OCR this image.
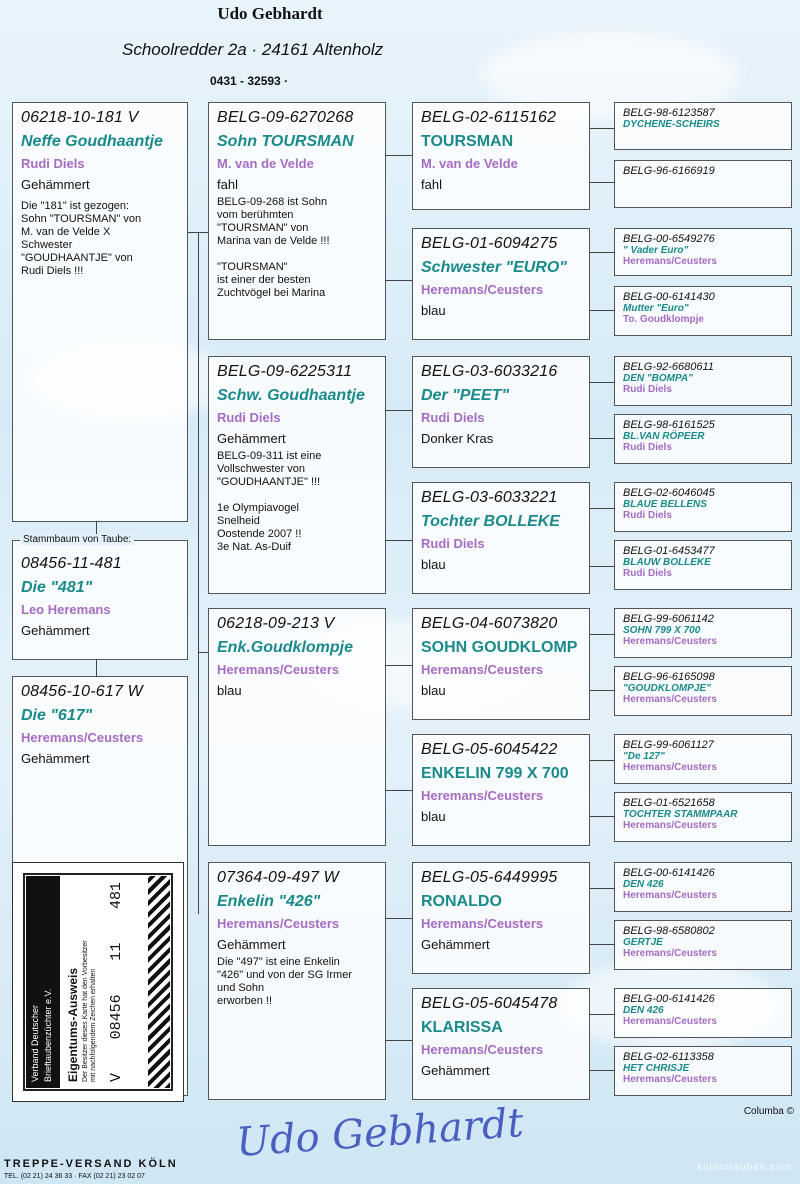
Udo Gebhardt
Schoolredder 2a · 24161 Altenholz
0431 - 32593 ·
06218-10-181 V
Neffe Goudhaantje
Rudi Diels
Gehämmert
Die "181" ist gezogen:
Sohn "TOURSMAN" von
M. van de Velde X
Schwester
"GOUDHAANTJE" von
Rudi Diels !!!
08456-11-481
Die "481"
Leo Heremans
Gehämmert
Stammbaum von Taube:
08456-10-617 W
Die "617"
Heremans/Ceusters
Gehämmert
Verband Deutscher
Brieftaubenzüchter e.V.	Eigentums-Ausweis Der Besitzer dieses Karte hat den Vorbesitzer
mit nachfolgendem Zeichen erhalten
V
08456
11
481
BELG-09-6270268
Sohn TOURSMAN
M. van de Velde
fahl
BELG-09-268 ist Sohn
vom berühmten
"TOURSMAN" von
Marina van de Velde !!!

"TOURSMAN"
ist einer der besten
Zuchtvögel bei Marina
BELG-09-6225311
Schw. Goudhaantje
Rudi Diels
Gehämmert
BELG-09-311 ist eine
Vollschwester von
"GOUDHAANTJE" !!!

1e Olympiavogel
Snelheid
Oostende 2007 !!
3e Nat. As-Duif
06218-09-213 V
Enk.Goudklompje
Heremans/Ceusters
blau
07364-09-497 W
Enkelin "426"
Heremans/Ceusters
Gehämmert
Die "497" ist eine Enkelin
"426" und von der SG Irmer
und Sohn
erworben !!
BELG-02-6115162
TOURSMAN
M. van de Velde
fahl
BELG-01-6094275
Schwester "EURO"
Heremans/Ceusters
blau
BELG-03-6033216
Der "PEET"
Rudi Diels
Donker Kras
BELG-03-6033221
Tochter BOLLEKE
Rudi Diels
blau
BELG-04-6073820
SOHN GOUDKLOMP
Heremans/Ceusters
blau
BELG-05-6045422
ENKELIN 799 X 700
Heremans/Ceusters
blau
BELG-05-6449995
RONALDO
Heremans/Ceusters
Gehämmert
BELG-05-6045478
KLARISSA
Heremans/Ceusters
Gehämmert
BELG-98-6123587
DYCHENE-SCHEIRS
BELG-96-6166919
BELG-00-6549276
" Vader Euro"
Heremans/Ceusters
BELG-00-6141430
Mutter "Euro"
To. Goudklompje
BELG-92-6680611
DEN "BOMPA"
Rudi Diels
BELG-98-6161525
BL.VAN RÖPEER
Rudi Diels
BELG-02-6046045
BLAUE BELLENS
Rudi Diels
BELG-01-6453477
BLAUW BOLLEKE
Rudi Diels
BELG-99-6061142
SOHN 799 X 700
Heremans/Ceusters
BELG-96-6165098
"GOUDKLOMPJE"
Heremans/Ceusters
BELG-99-6061127
"De 127"
Heremans/Ceusters
BELG-01-6521658
TOCHTER STAMMPAAR
Heremans/Ceusters
BELG-00-6141426
DEN 426
Heremans/Ceusters
BELG-98-6580802
GERTJE
Heremans/Ceusters
BELG-00-6141426
DEN 426
Heremans/Ceusters
BELG-02-6113358
HET CHRISJE
Heremans/Ceusters
Columba ©
Udo Gebhardt
TREPPE-VERSAND KÖLN
TEL. (02 21) 24 36 33 · FAX (02 21) 23 02 07
kulzertauben.com
